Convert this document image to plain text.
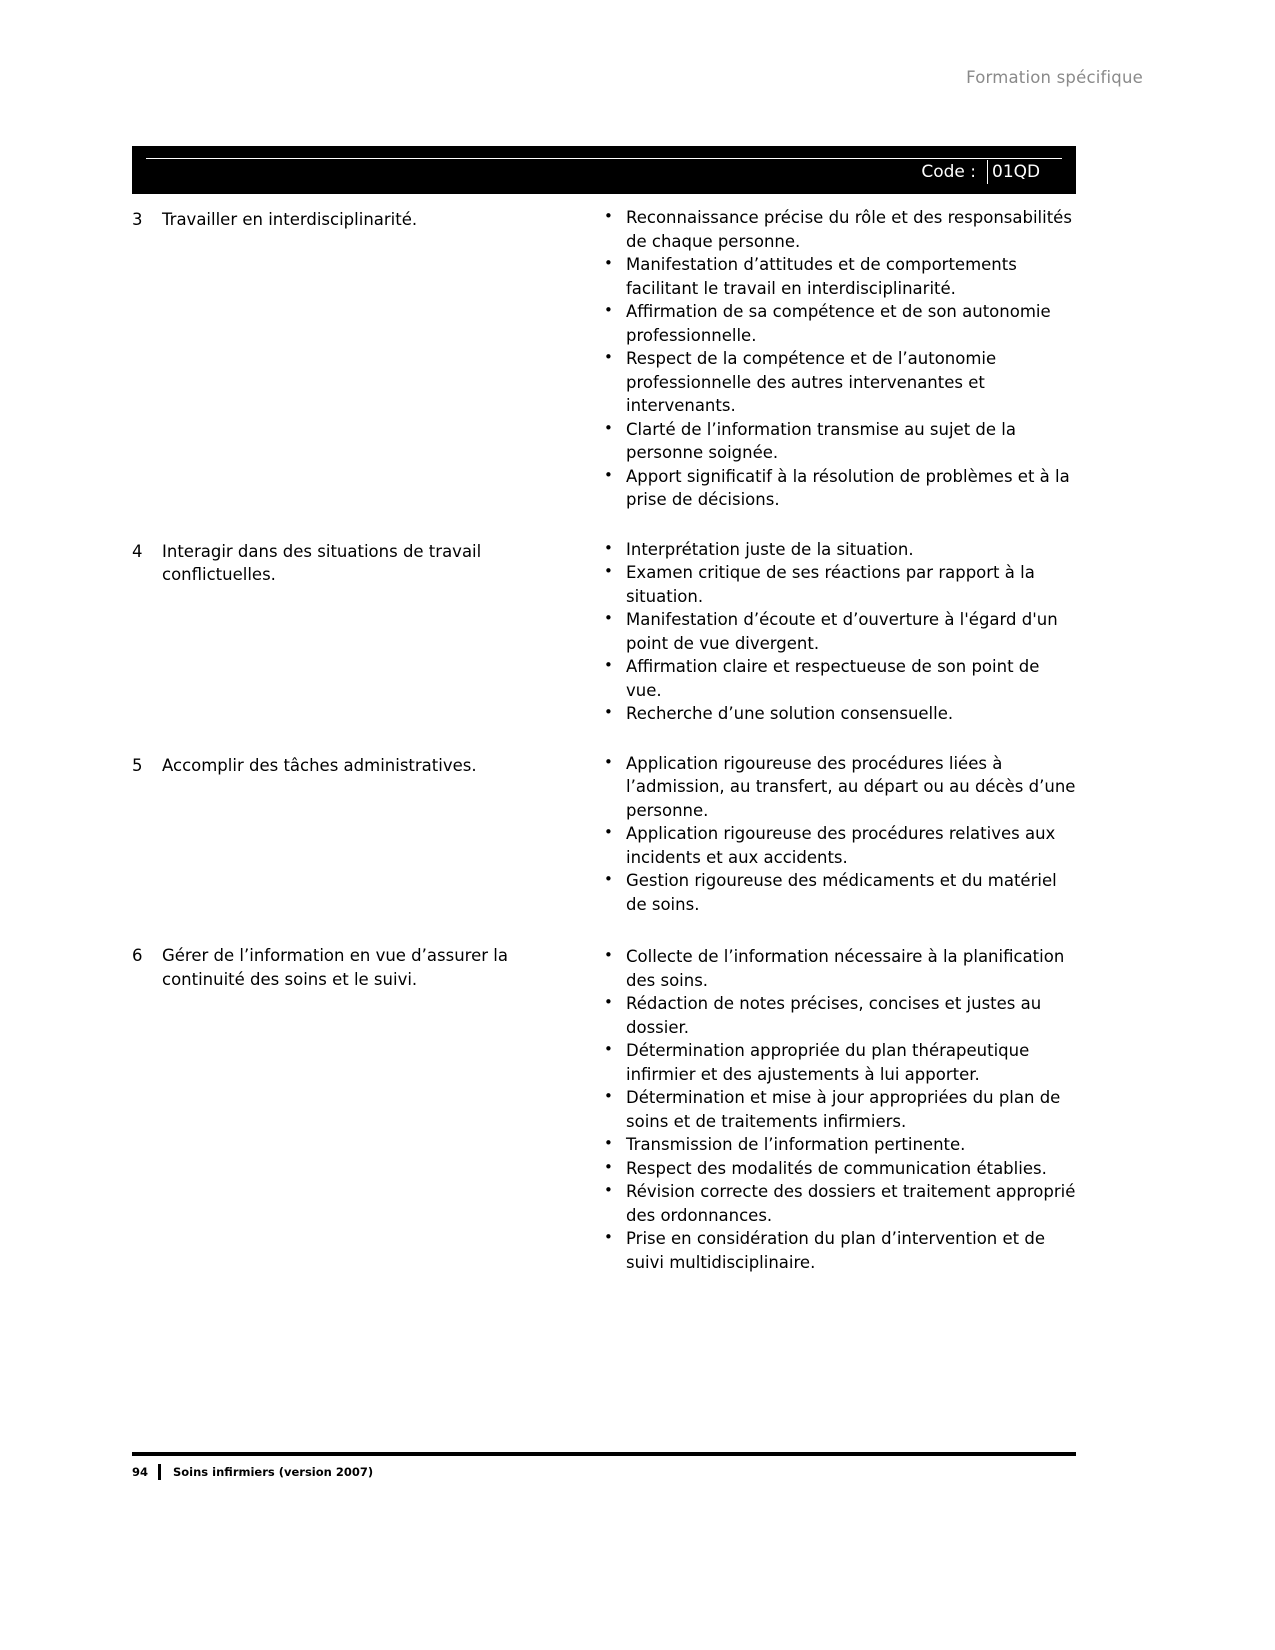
Formation spécifique
Code : 01QD
3	Travailler en interdisciplinarité.	• Reconnaissance précise du rôle et des responsabilités de chaque personne.
• Manifestation d’attitudes et de comportements facilitant le travail en interdisciplinarité.
• Affirmation de sa compétence et de son autonomie professionnelle.
• Respect de la compétence et de l’autonomie professionnelle des autres intervenantes et intervenants.
• Clarté de l’information transmise au sujet de la personne soignée.
• Apport significatif à la résolution de problèmes et à la prise de décisions.
4	Interagir dans des situations de travail conflictuelles.
• Interprétation juste de la situation.
• Examen critique de ses réactions par rapport à la situation.
• Manifestation d’écoute et d’ouverture à l'égard d'un point de vue divergent.
• Affirmation claire et respectueuse de son point de vue.
• Recherche d’une solution consensuelle.
5	Accomplir des tâches administratives.	• Application rigoureuse des procédures liées à l’admission, au transfert, au départ ou au décès d’une personne.
• Application rigoureuse des procédures relatives aux incidents et aux accidents.
• Gestion rigoureuse des médicaments et du matériel de soins.
6	Gérer de l’information en vue d’assurer la continuité des soins et le suivi.
• Collecte de l’information nécessaire à la planification des soins.
• Rédaction de notes précises, concises et justes au dossier.
• Détermination appropriée du plan thérapeutique infirmier et des ajustements à lui apporter.
• Détermination et mise à jour appropriées du plan de soins et de traitements infirmiers.
• Transmission de l’information pertinente.
• Respect des modalités de communication établies.
• Révision correcte des dossiers et traitement approprié des ordonnances.
• Prise en considération du plan d’intervention et de suivi multidisciplinaire.
94	Soins infirmiers (version 2007)
